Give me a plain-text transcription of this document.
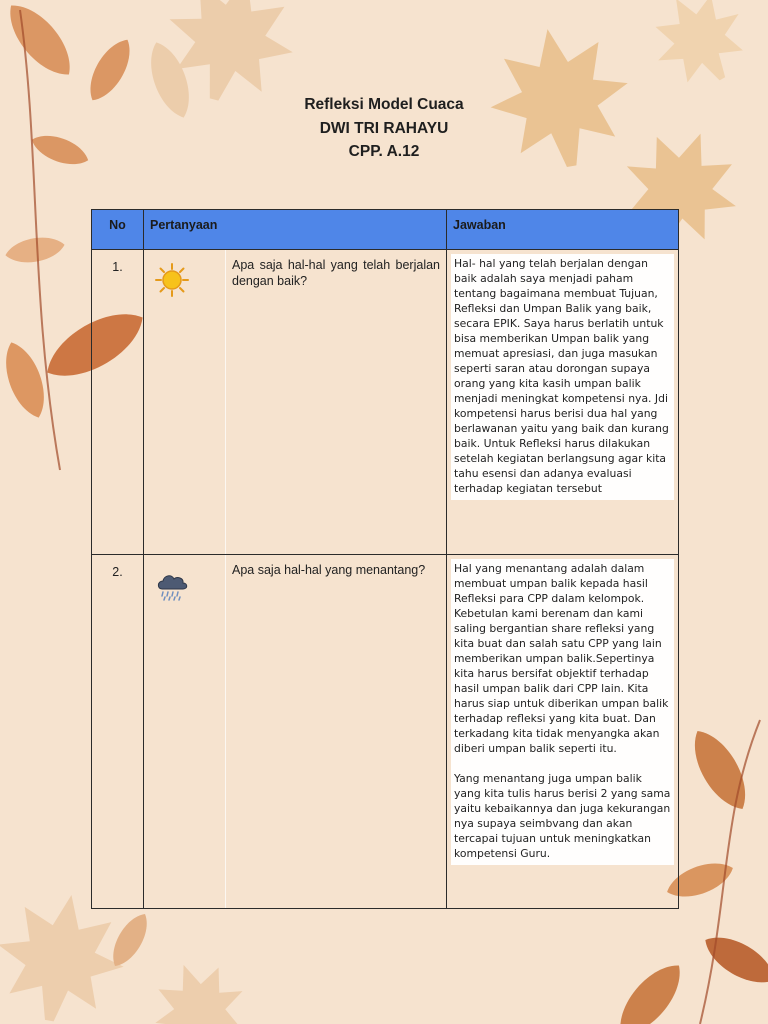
Refleksi Model Cuaca
DWI TRI RAHAYU
CPP. A.12
No	Pertanyaan	Jawaban
1.	Apa saja hal-hal yang telah berjalan dengan baik?	Hal- hal yang telah berjalan dengan baik adalah saya menjadi paham tentang bagaimana membuat Tujuan, Refleksi dan Umpan Balik yang baik, secara EPIK. Saya harus berlatih untuk bisa memberikan Umpan balik yang memuat apresiasi, dan juga masukan seperti saran atau dorongan supaya orang yang kita kasih umpan balik menjadi meningkat kompetensi nya. Jdi kompetensi harus berisi dua hal yang berlawanan yaitu yang baik dan kurang baik. Untuk Refleksi harus dilakukan setelah kegiatan berlangsung agar kita tahu esensi dan adanya evaluasi terhadap kegiatan tersebut

2.	Apa saja hal-hal yang menantang?	Hal yang menantang adalah dalam membuat umpan balik kepada hasil Refleksi para CPP dalam kelompok. Kebetulan kami berenam dan kami saling bergantian share refleksi yang kita buat dan salah satu CPP yang lain memberikan umpan balik.Sepertinya kita harus bersifat objektif terhadap hasil umpan balik dari CPP lain. Kita harus siap untuk diberikan umpan balik terhadap refleksi yang kita buat. Dan terkadang kita tidak menyangka akan diberi umpan balik seperti itu.

Yang menantang juga umpan balik yang kita tulis harus berisi 2 yang sama yaitu kebaikannya dan juga kekurangan nya supaya seimbvang dan akan tercapai tujuan untuk meningkatkan kompetensi Guru.
